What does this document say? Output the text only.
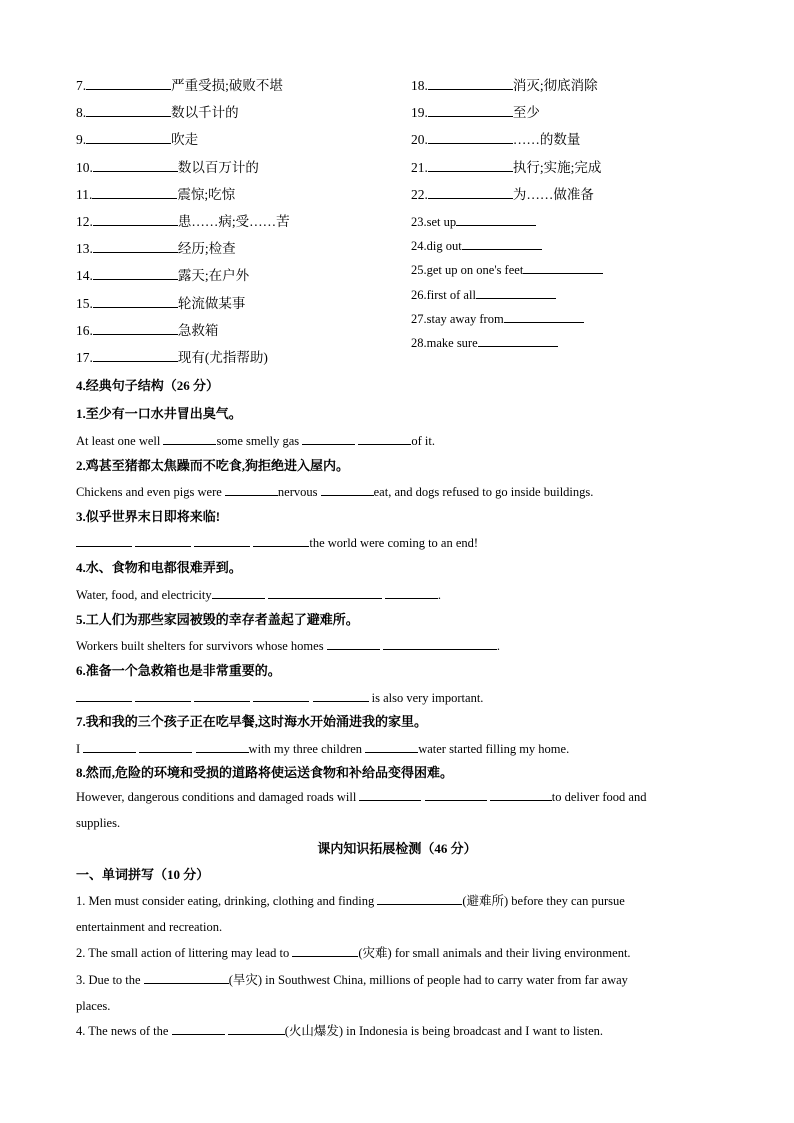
7.	严重受损;破败不堪
8.	数以千计的
9.	吹走
10.	数以百万计的
11.	震惊;吃惊
12.	患……病;受……苦
13.	经历;检查
14.	露天;在户外
15.	轮流做某事
16.	急救箱
17.	现有(尤指帮助)
18.	消灭;彻底消除
19.	至少
20.	……的数量
21.	执行;实施;完成
22.	为……做准备
23.set up
24.dig out
25.get up on one's feet
26.first of all
27.stay away from
28.make sure
4.经典句子结构（26 分）
1.至少有一口水井冒出臭气。
At least one well	some smelly gas	of it.
2.鸡甚至猪都太焦躁而不吃食,狗拒绝进入屋内。
Chickens and even pigs were	nervous	eat, and dogs refused to go inside buildings.
3.似乎世界末日即将来临!
the world were coming to an end!
4.水、食物和电都很难弄到。
Water, food, and electricity	.
5.工人们为那些家园被毁的幸存者盖起了避难所。
Workers built shelters for survivors whose homes	.
6.准备一个急救箱也是非常重要的。
is also very important.
7.我和我的三个孩子正在吃早餐,这时海水开始涌进我的家里。
I	with my three children	water started filling my home.
8.然而,危险的环境和受损的道路将使运送食物和补给品变得困难。
However, dangerous conditions and damaged roads will	to deliver food and
supplies.
课内知识拓展检测（46 分）
一、单词拼写（10 分）
1. Men must consider eating, drinking, clothing and finding	(避难所) before they can pursue
entertainment and recreation.
2. The small action of littering may lead to	(灾难) for small animals and their living environment.
3. Due to the	(旱灾) in Southwest China, millions of people had to carry water from far away
places.
4. The news of the	(火山爆发) in Indonesia is being broadcast and I want to listen.
